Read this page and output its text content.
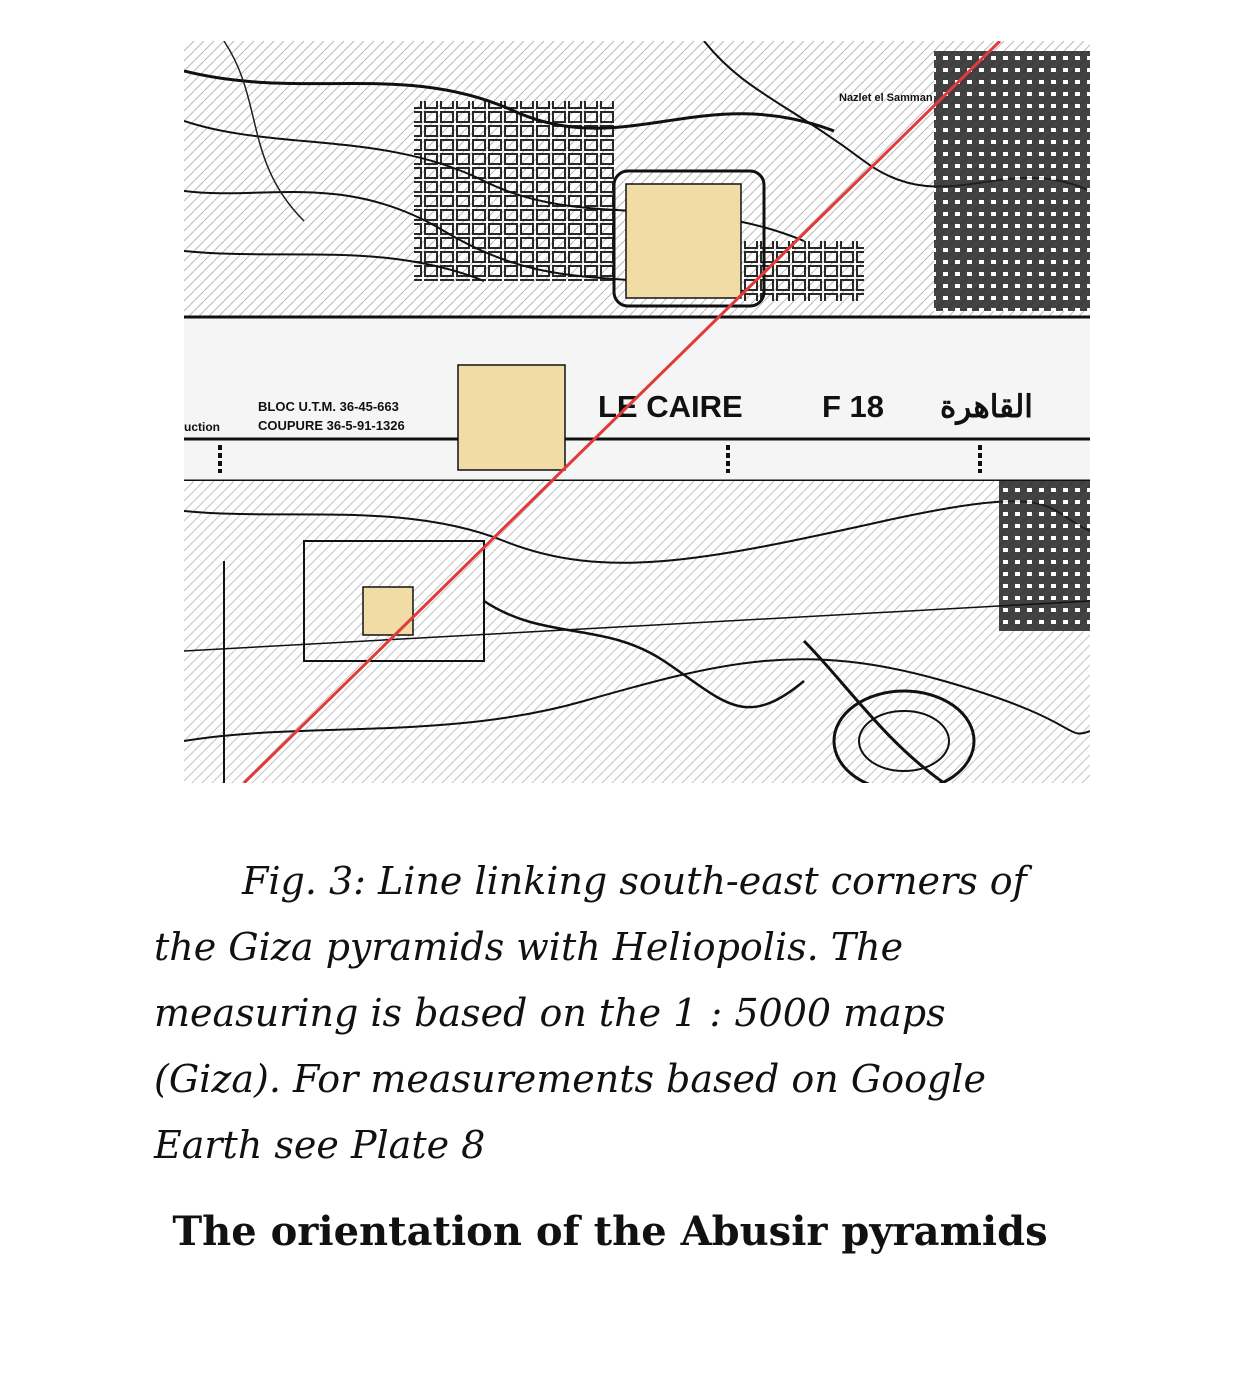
Nazlet el Samman
uction
BLOC U.T.M. 36-45-663
COUPURE 36-5-91-1326
LE CAIRE	F 18 القاهرة

Fig. 3: Line linking south-east corners of the Giza pyramids with Heliopolis. The measuring is based on the 1 : 5000 maps (Giza). For measurements based on Google Earth see Plate 8

The orientation of the Abusir pyramids
